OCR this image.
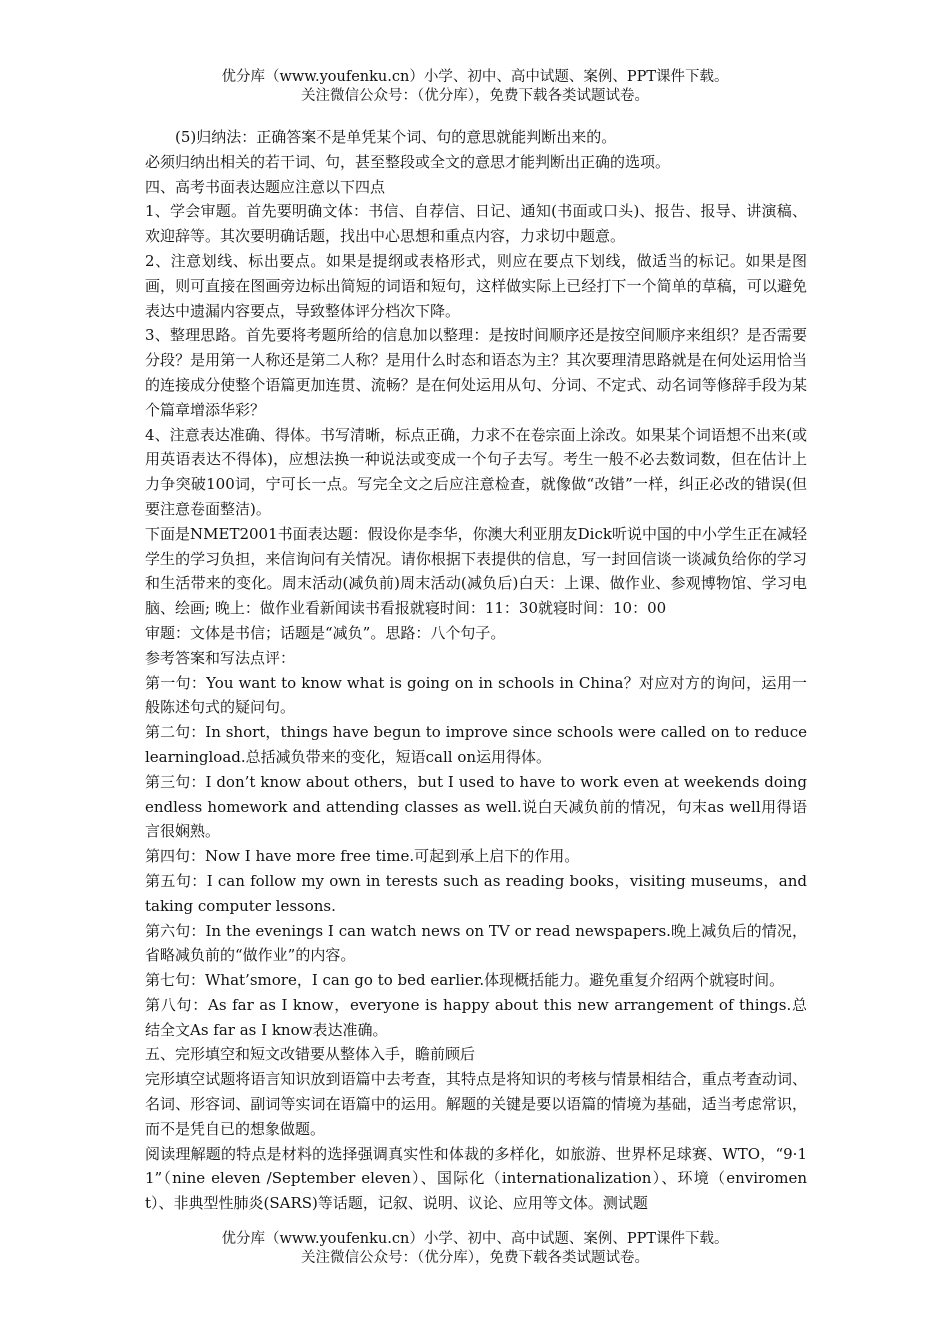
优分库（www.youfenku.cn）小学、初中、高中试题、案例、PPT课件下载。
关注微信公众号：（优分库），免费下载各类试题试卷。

(5)归纳法：正确答案不是单凭某个词、句的意思就能判断出来的。

必须归纳出相关的若干词、句，甚至整段或全文的意思才能判断出正确的选项。

四、高考书面表达题应注意以下四点

1、学会审题。首先要明确文体：书信、自荐信、日记、通知(书面或口头)、报告、报导、讲演稿、欢迎辞等。其次要明确话题，找出中心思想和重点内容，力求切中题意。

2、注意划线、标出要点。如果是提纲或表格形式，则应在要点下划线，做适当的标记。如果是图画，则可直接在图画旁边标出简短的词语和短句，这样做实际上已经打下一个简单的草稿，可以避免表达中遗漏内容要点，导致整体评分档次下降。

3、整理思路。首先要将考题所给的信息加以整理：是按时间顺序还是按空间顺序来组织？是否需要分段？是用第一人称还是第二人称？是用什么时态和语态为主？其次要理清思路就是在何处运用恰当的连接成分使整个语篇更加连贯、流畅？是在何处运用从句、分词、不定式、动名词等修辞手段为某个篇章增添华彩？

4、注意表达准确、得体。书写清晰，标点正确，力求不在卷宗面上涂改。如果某个词语想不出来(或用英语表达不得体)，应想法换一种说法或变成一个句子去写。考生一般不必去数词数，但在估计上力争突破100词，宁可长一点。写完全文之后应注意检查，就像做“改错”一样，纠正必改的错误(但要注意卷面整洁)。

下面是NMET2001书面表达题：假设你是李华，你澳大利亚朋友Dick听说中国的中小学生正在减轻学生的学习负担，来信询问有关情况。请你根据下表提供的信息，写一封回信谈一谈减负给你的学习和生活带来的变化。周末活动(减负前)周末活动(减负后)白天：上课、做作业、参观博物馆、学习电脑、绘画; 晚上：做作业看新闻读书看报就寝时间：11：30就寝时间：10：00

审题：文体是书信；话题是“减负”。思路：八个句子。

参考答案和写法点评：

第一句：You want to know what is going on in schools in China？对应对方的询问，运用一般陈述句式的疑问句。

第二句：In short，things have begun to improve since schools were called on to reduce learningload.总括减负带来的变化，短语call on运用得体。

第三句：I don’t know about others，but I used to have to work even at weekends doing endless homework and attending classes as well.说白天减负前的情况，句末as well用得语言很娴熟。

第四句：Now I have more free time.可起到承上启下的作用。

第五句：I can follow my own in terests such as reading books，visiting museums，and taking computer lessons.

第六句：In the evenings I can watch news on TV or read newspapers.晚上减负后的情况，省略减负前的“做作业”的内容。

第七句：What’smore，I can go to bed earlier.体现概括能力。避免重复介绍两个就寝时间。

第八句：As far as I know，everyone is happy about this new arrangement of things.总结全文As far as I know表达准确。

五、完形填空和短文改错要从整体入手，瞻前顾后

完形填空试题将语言知识放到语篇中去考查，其特点是将知识的考核与情景相结合，重点考查动词、名词、形容词、副词等实词在语篇中的运用。解题的关键是要以语篇的情境为基础，适当考虑常识，而不是凭自已的想象做题。

阅读理解题的特点是材料的选择强调真实性和体裁的多样化，如旅游、世界杯足球赛、WTO，“9·11”（nine eleven /September eleven）、国际化（internationalization）、环境（enviroment）、非典型性肺炎(SARS)等话题，记叙、说明、议论、应用等文体。测试题

优分库（www.youfenku.cn）小学、初中、高中试题、案例、PPT课件下载。
关注微信公众号：（优分库），免费下载各类试题试卷。
